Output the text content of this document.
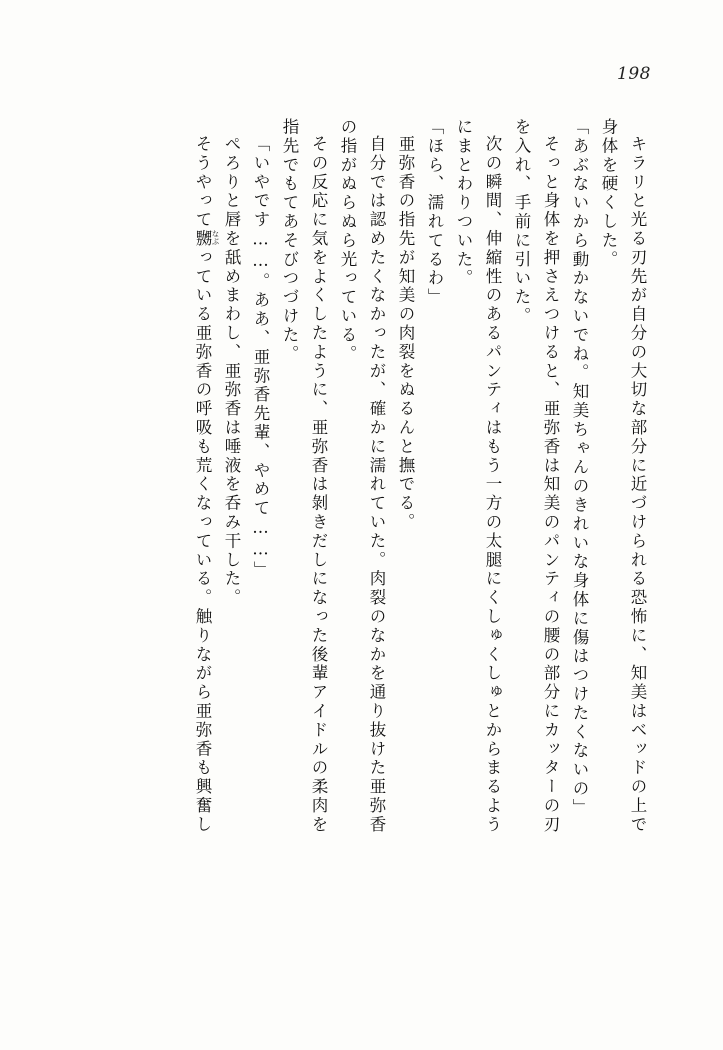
198
キラリと光る刃先が自分の大切な部分に近づけられる恐怖に、知美はベッドの上で
身体を硬くした。
「あぶないから動かないでね。知美ちゃんのきれいな身体に傷はつけたくないの」
そっと身体を押さえつけると、亜弥香は知美のパンティの腰の部分にカッターの刃
を入れ、手前に引いた。
次の瞬間、伸縮性のあるパンティはもう一方の太腿にくしゅくしゅとからまるよう
にまとわりついた。
「ほら、濡れてるわ」
亜弥香の指先が知美の肉裂をぬるんと撫でる。
自分では認めたくなかったが、確かに濡れていた。肉裂のなかを通り抜けた亜弥香
の指がぬらぬら光っている。
その反応に気をよくしたように、亜弥香は剝きだしになった後輩アイドルの柔肉を
指先でもてあそびつづけた。
「いやです……。ああ、亜弥香先輩、やめて……」
ぺろりと唇を舐めまわし、亜弥香は唾液を呑み干した。
そうやって嬲っている亜弥香の呼吸も荒くなっている。触りながら亜弥香も興奮し なぶ
